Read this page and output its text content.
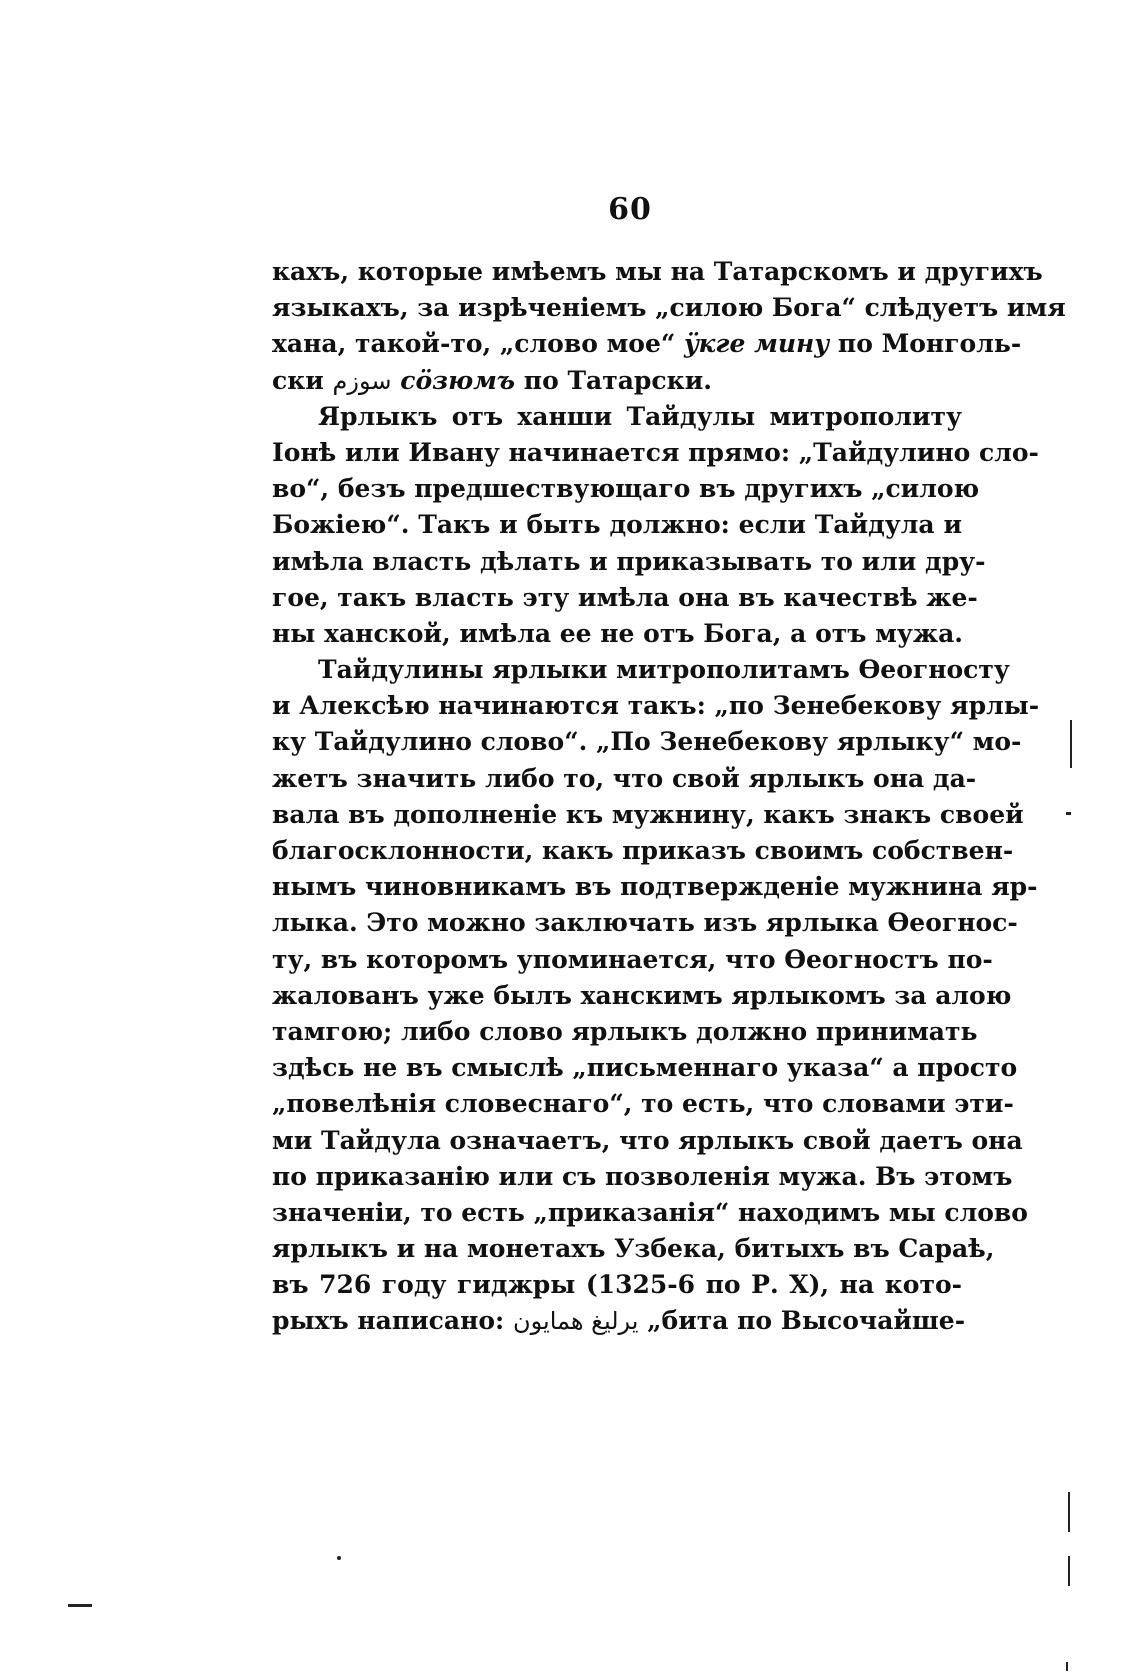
60
кахъ, которые имѣемъ мы на Татарскомъ и другихъ
языкахъ, за изрѣченіемъ „силою Бога“ слѣдуетъ имя
хана, такой-то, „слово мое“ ÿкге мину по Монголь-
ски سوزم сöзюмъ по Татарски.
Ярлыкъ отъ ханши Тайдулы митрополиту
Іонѣ или Ивану начинается прямо: „Тайдулино сло-
во“, безъ предшествующаго въ другихъ „силою
Божіею“. Такъ и быть должно: если Тайдула и
имѣла власть дѣлать и приказывать то или дру-
гое, такъ власть эту имѣла она въ качествѣ же-
ны ханской, имѣла ее не отъ Бога, а отъ мужа.
Тайдулины ярлыки митрополитамъ Ѳеогносту
и Алексѣю начинаются такъ: „по Зенебекову ярлы-
ку Тайдулино слово“. „По Зенебекову ярлыку“ мо-
жетъ значить либо то, что свой ярлыкъ она да-
вала въ дополненіе къ мужнину, какъ знакъ своей
благосклонности, какъ приказъ своимъ собствен-
нымъ чиновникамъ въ подтвержденіе мужнина яр-
лыка. Это можно заключать изъ ярлыка Ѳеогнос-
ту, въ которомъ упоминается, что Ѳеогностъ по-
жалованъ уже былъ ханскимъ ярлыкомъ за алою
тамгою; либо слово ярлыкъ должно принимать
здѣсь не въ смыслѣ „письменнаго указа“ а просто
„повелѣнія словеснаго“, то есть, что словами эти-
ми Тайдула означаетъ, что ярлыкъ свой даетъ она
по приказанію или съ позволенія мужа. Въ этомъ
значеніи, то есть „приказанія“ находимъ мы слово
ярлыкъ и на монетахъ Узбека, битыхъ въ Сараѣ,
въ 726 году гиджры (1325-6 по Р. Х), на кото-
рыхъ написано: يرليغ همايون „бита по Высочайше-
